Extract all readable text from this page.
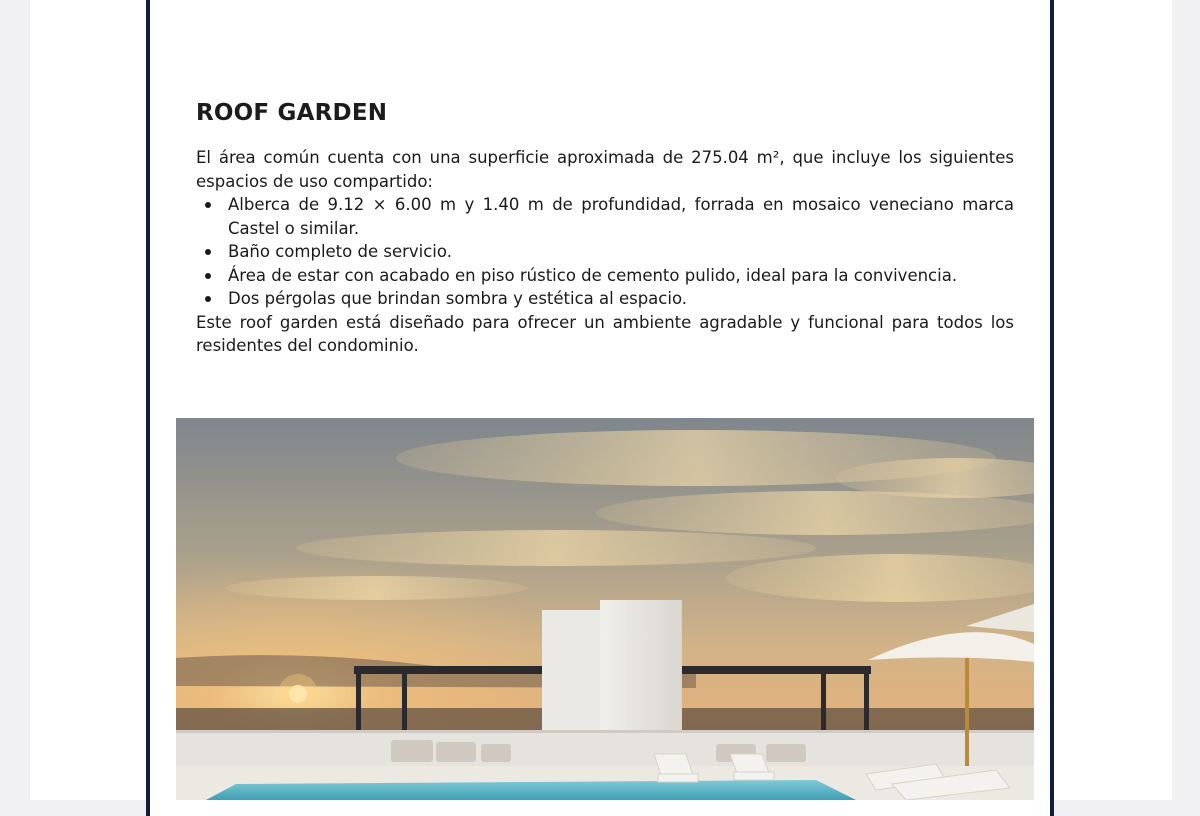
ROOF GARDEN

El área común cuenta con una superficie aproximada de 275.04 m², que incluye los siguientes espacios de uso compartido:

Alberca de 9.12 × 6.00 m y 1.40 m de profundidad, forrada en mosaico veneciano marca Castel o similar.
Baño completo de servicio.
Área de estar con acabado en piso rústico de cemento pulido, ideal para la convivencia.
Dos pérgolas que brindan sombra y estética al espacio.

Este roof garden está diseñado para ofrecer un ambiente agradable y funcional para todos los residentes del condominio.
